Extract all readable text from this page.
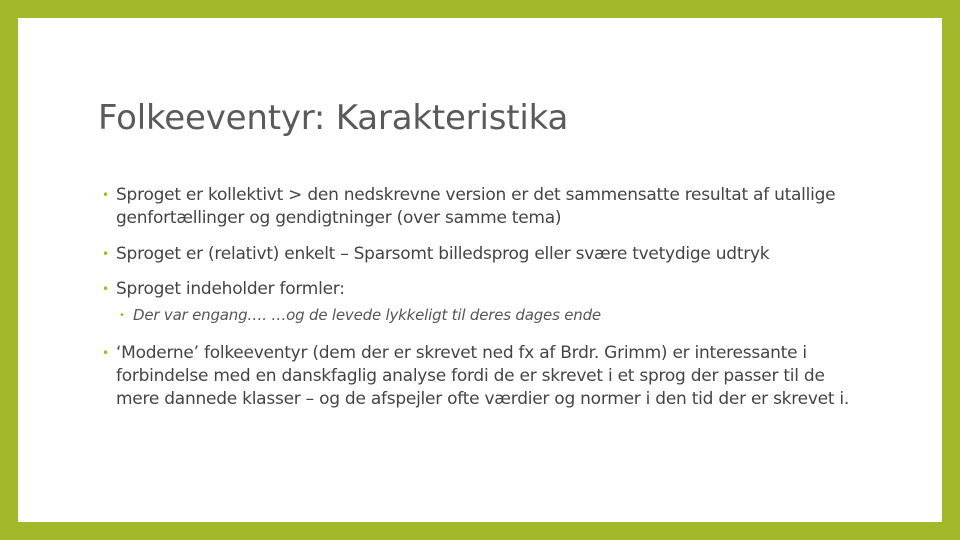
Folkeeventyr: Karakteristika
• Sproget er kollektivt > den nedskrevne version er det sammensatte resultat af utallige genfortællinger og gendigtninger (over samme tema)
• Sproget er (relativt) enkelt – Sparsomt billedsprog eller svære tvetydige udtryk
• Sproget indeholder formler:
• Der var engang…. …og de levede lykkeligt til deres dages ende
• ‘Moderne’ folkeeventyr (dem der er skrevet ned fx af Brdr. Grimm) er interessante i forbindelse med en danskfaglig analyse fordi de er skrevet i et sprog der passer til de mere dannede klasser – og de afspejler ofte værdier og normer i den tid der er skrevet i.
